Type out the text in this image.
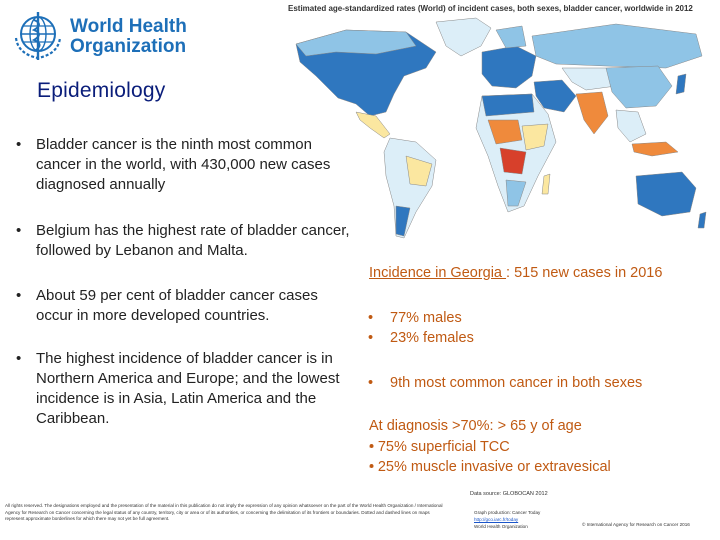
World Health
Organization
Epidemiology
Estimated age-standardized rates (World) of incident cases, both sexes, bladder cancer, worldwide in 2012
• Bladder cancer is the ninth most common cancer in the world, with 430,000 new cases diagnosed annually
• Belgium has the highest rate of bladder cancer, followed by Lebanon and Malta.
• About 59 per cent of bladder cancer cases occur in more developed countries.
• The highest incidence of bladder cancer is in Northern America and Europe; and the lowest incidence is in Asia, Latin America and the Caribbean.
Incidence in Georgia : 515 new cases in 2016
• 77% males
• 23% females
• 9th most common cancer in both sexes
At diagnosis >70%: > 65 y of age
• - 75% superficial TCC
• - 25% muscle invasive or extravesical
Data source: GLOBOCAN 2012
All rights reserved. The designations employed and the presentation of the material in this publication do not imply the expression of any opinion whatsoever on the part of the World Health Organization / International Agency for Research on Cancer concerning the legal status of any country, territory, city or area or of its authorities, or concerning the delimitation of its frontiers or boundaries. Dotted and dashed lines on maps represent approximate borderlines for which there may not yet be full agreement.
Graph production: Cancer Today
http://gco.iarc.fr/today
World Health Organization	© International Agency for Research on Cancer 2016
